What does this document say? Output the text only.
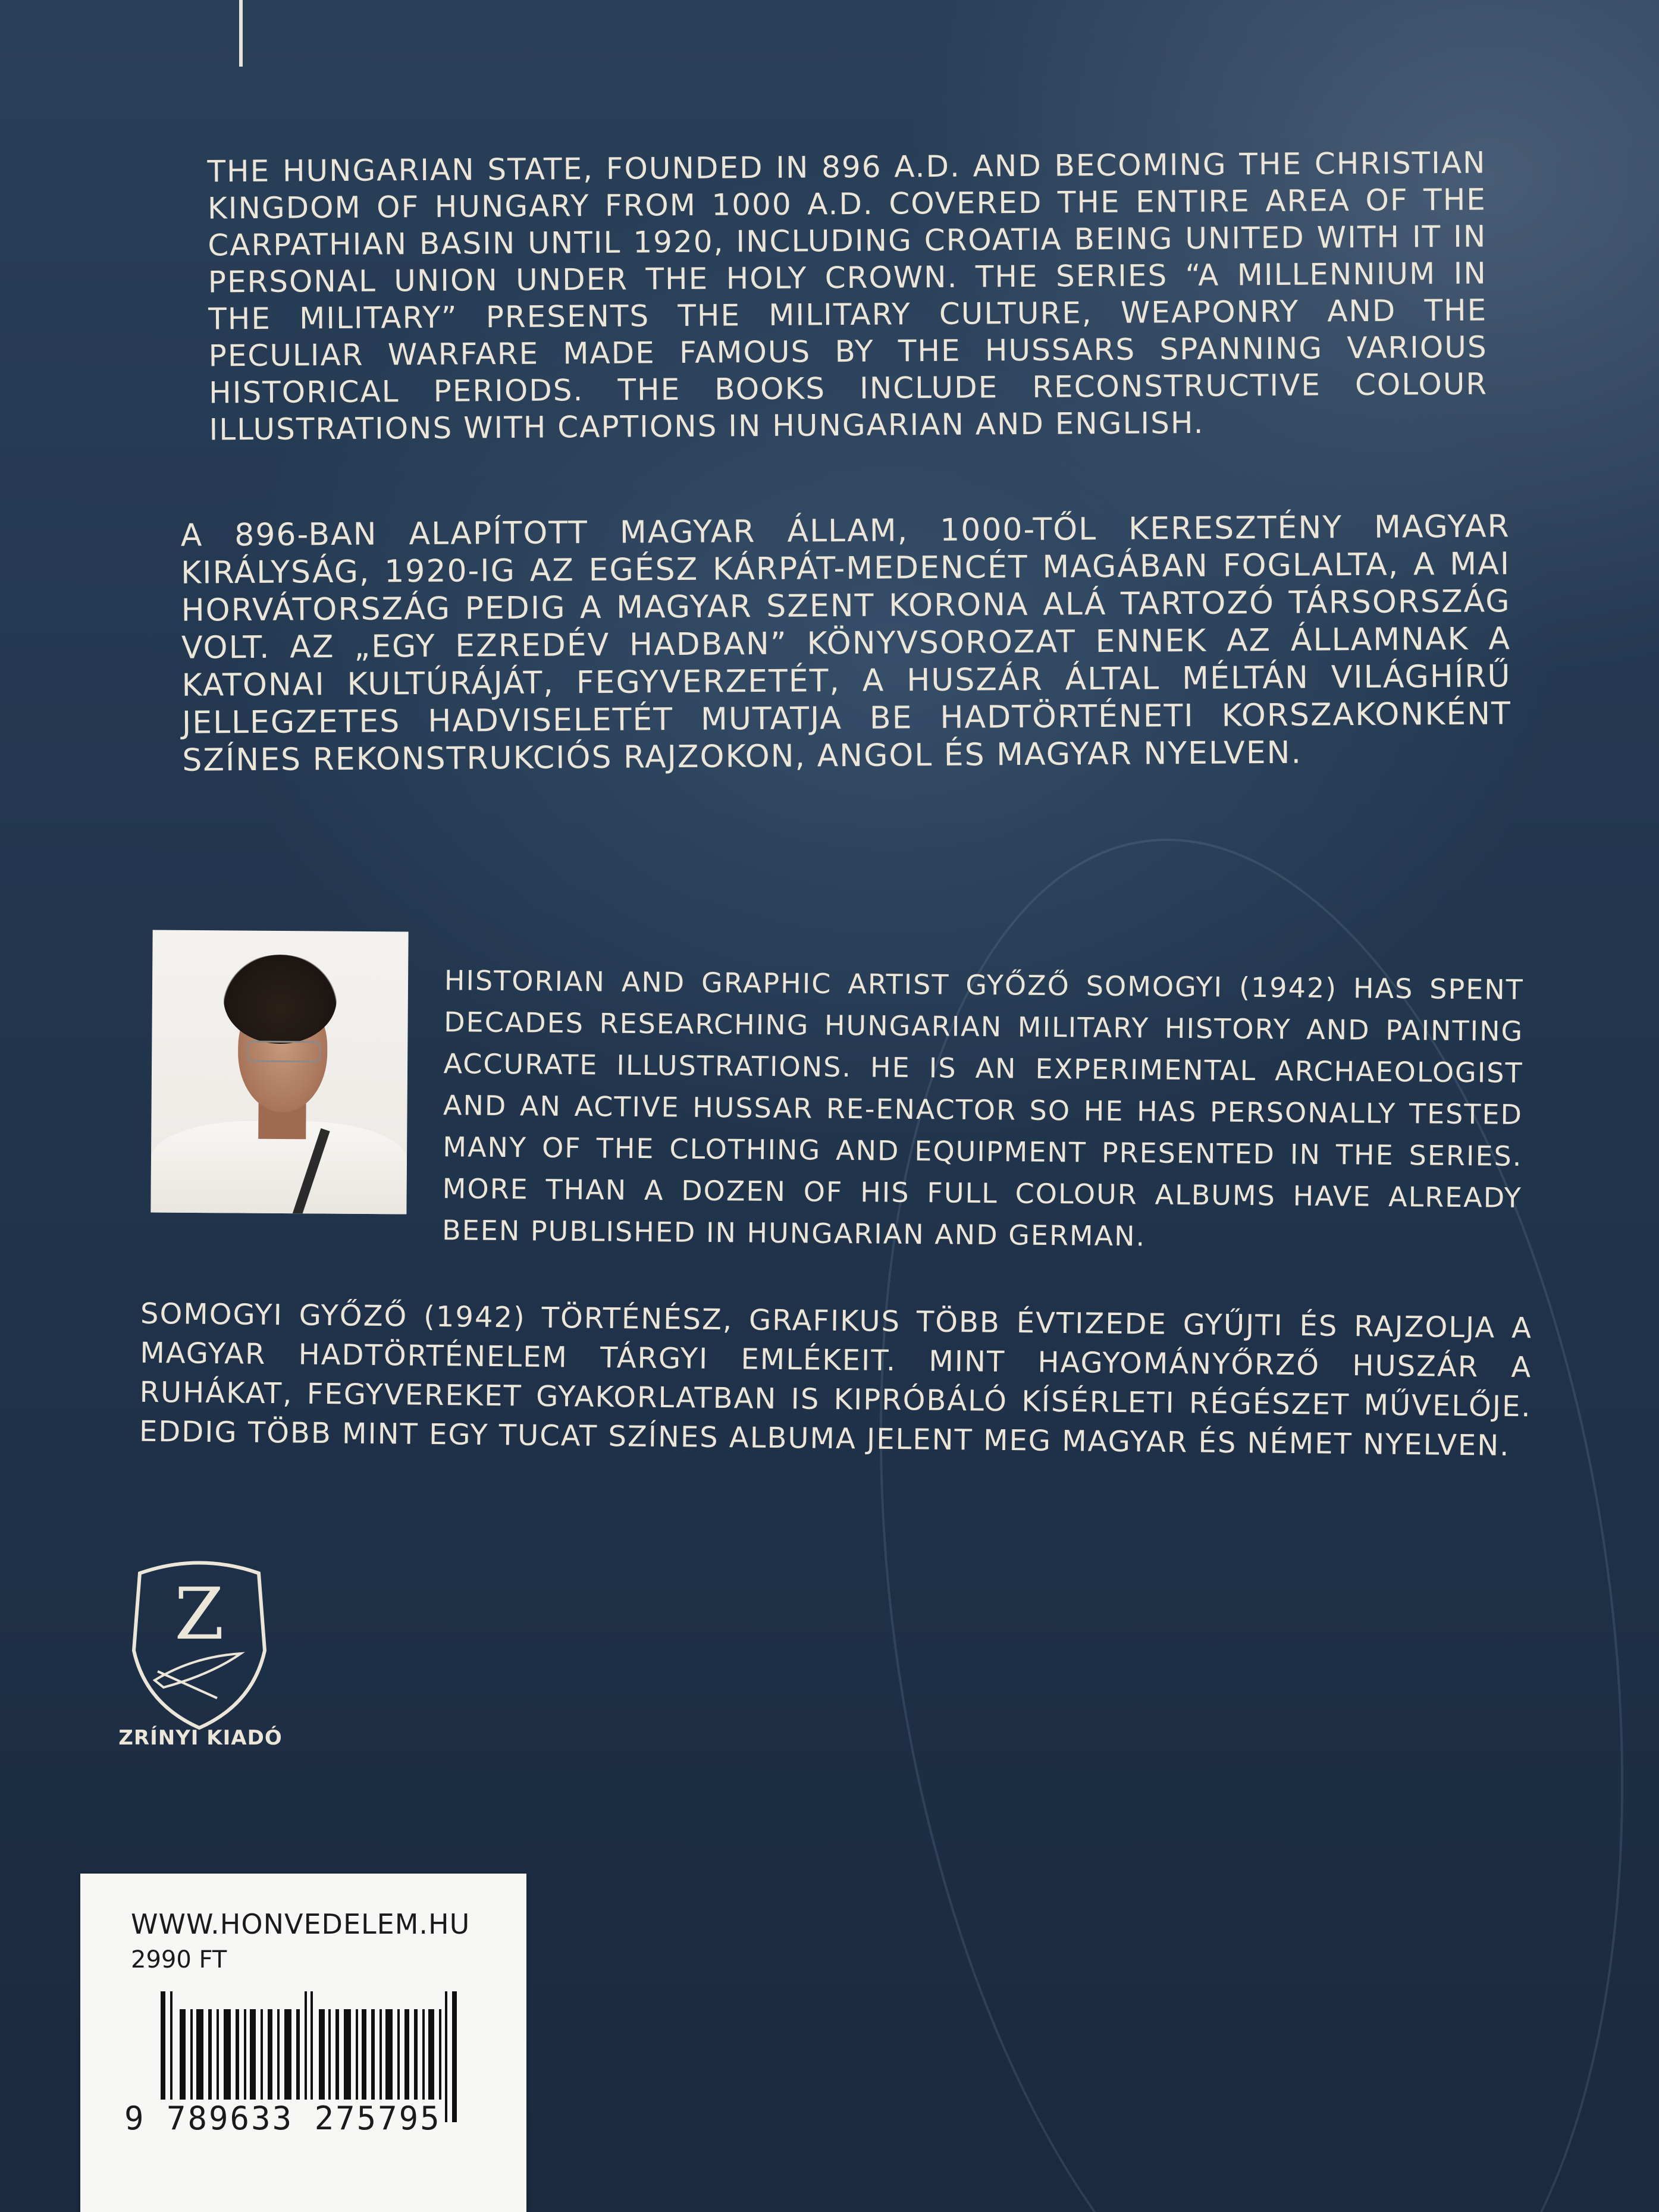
THE HUNGARIAN STATE, FOUNDED IN 896 A.D. AND BECOMING THE CHRISTIAN KINGDOM OF HUNGARY FROM 1000 A.D. COVERED THE ENTIRE AREA OF THE CARPATHIAN BASIN UNTIL 1920, INCLUDING CROATIA BEING UNITED WITH IT IN PERSONAL UNION UNDER THE HOLY CROWN. THE SERIES “A MILLENNIUM IN THE MILITARY” PRESENTS THE MILITARY CULTURE, WEAPONRY AND THE PECULIAR WARFARE MADE FAMOUS BY THE HUSSARS SPANNING VARIOUS HISTORICAL PERIODS. THE BOOKS INCLUDE RECONSTRUCTIVE COLOUR ILLUSTRATIONS WITH CAPTIONS IN HUNGARIAN AND ENGLISH.

A 896-BAN ALAPÍTOTT MAGYAR ÁLLAM, 1000-TŐL KERESZTÉNY MAGYAR KIRÁLYSÁG, 1920-IG AZ EGÉSZ KÁRPÁT-MEDENCÉT MAGÁBAN FOGLALTA, A MAI HORVÁTORSZÁG PEDIG A MAGYAR SZENT KORONA ALÁ TARTOZÓ TÁRSORSZÁG VOLT. AZ „EGY EZREDÉV HADBAN” KÖNYVSOROZAT ENNEK AZ ÁLLAMNAK A KATONAI KULTÚRÁJÁT, FEGYVERZETÉT, A HUSZÁR ÁLTAL MÉLTÁN VILÁGHÍRŰ JELLEGZETES HADVISELETÉT MUTATJA BE HADTÖRTÉNETI KORSZAKONKÉNT SZÍNES REKONSTRUKCIÓS RAJZOKON, ANGOL ÉS MAGYAR NYELVEN.

HISTORIAN AND GRAPHIC ARTIST GYŐZŐ SOMOGYI (1942) HAS SPENT DECADES RESEARCHING HUNGARIAN MILITARY HISTORY AND PAINTING ACCURATE ILLUSTRATIONS. HE IS AN EXPERIMENTAL ARCHAEOLOGIST AND AN ACTIVE HUSSAR RE-ENACTOR SO HE HAS PERSONALLY TESTED MANY OF THE CLOTHING AND EQUIPMENT PRESENTED IN THE SERIES. MORE THAN A DOZEN OF HIS FULL COLOUR ALBUMS HAVE ALREADY BEEN PUBLISHED IN HUNGARIAN AND GERMAN.

SOMOGYI GYŐZŐ (1942) TÖRTÉNÉSZ, GRAFIKUS TÖBB ÉVTIZEDE GYŰJTI ÉS RAJZOLJA A MAGYAR HADTÖRTÉNELEM TÁRGYI EMLÉKEIT. MINT HAGYOMÁNYŐRZŐ HUSZÁR A RUHÁKAT, FEGYVEREKET GYAKORLATBAN IS KIPRÓBÁLÓ KÍSÉRLETI RÉGÉSZET MŰVELŐJE. EDDIG TÖBB MINT EGY TUCAT SZÍNES ALBUMA JELENT MEG MAGYAR ÉS NÉMET NYELVEN.

Z
ZRÍNYI KIADÓ
WWW.HONVEDELEM.HU
2990 FT
9 789633 275795
